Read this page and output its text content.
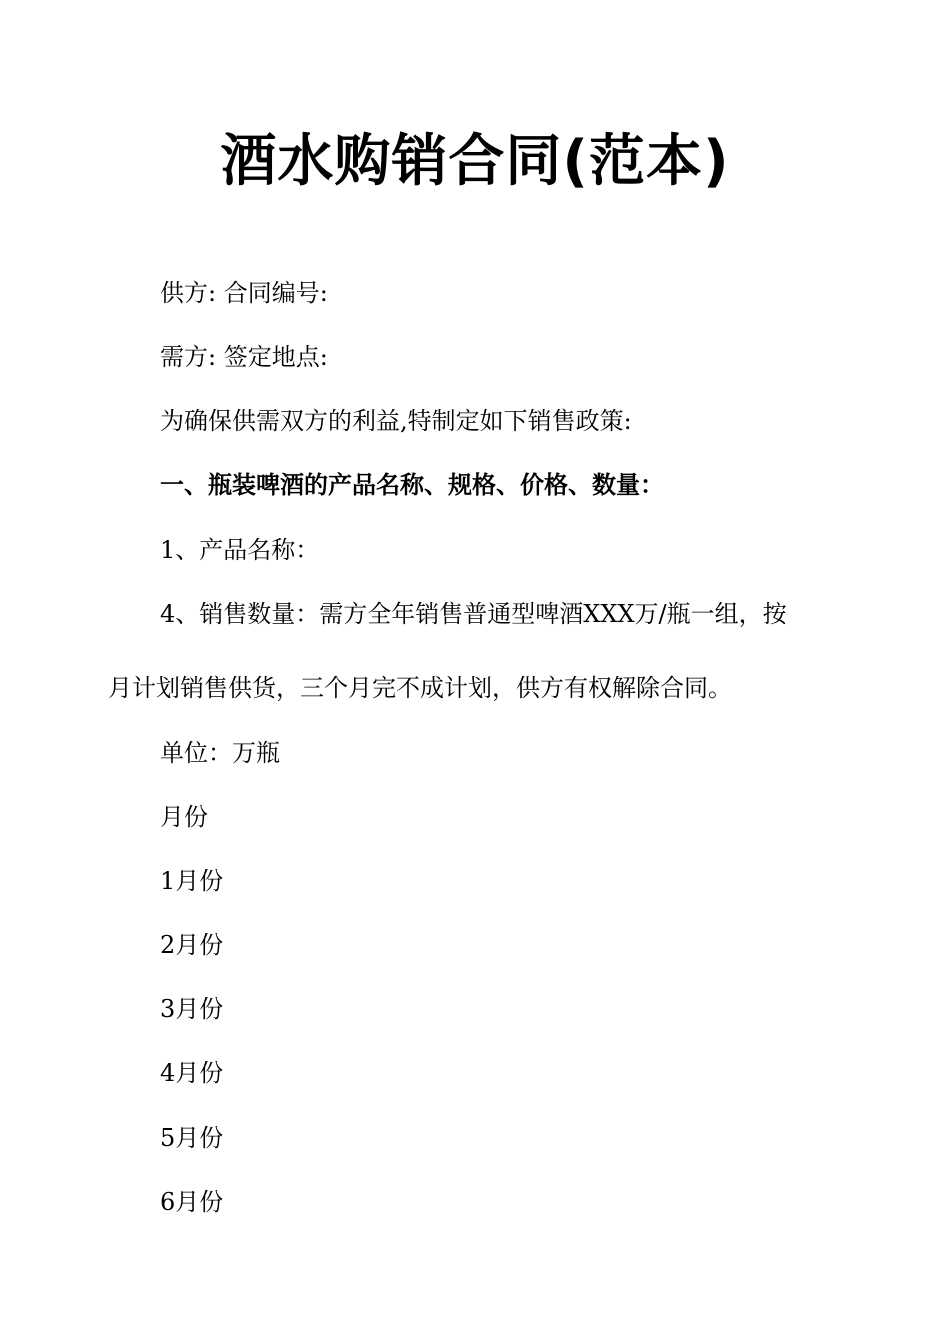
酒水购销合同(范本)
供方: 合同编号:
需方: 签定地点:
为确保供需双方的利益,特制定如下销售政策:
一、瓶装啤酒的产品名称、规格、价格、数量：
1、产品名称：
4、销售数量：需方全年销售普通型啤酒XXX万/瓶一组，按
月计划销售供货，三个月完不成计划，供方有权解除合同。
单位：万瓶
月份
1月份
2月份
3月份
4月份
5月份
6月份
